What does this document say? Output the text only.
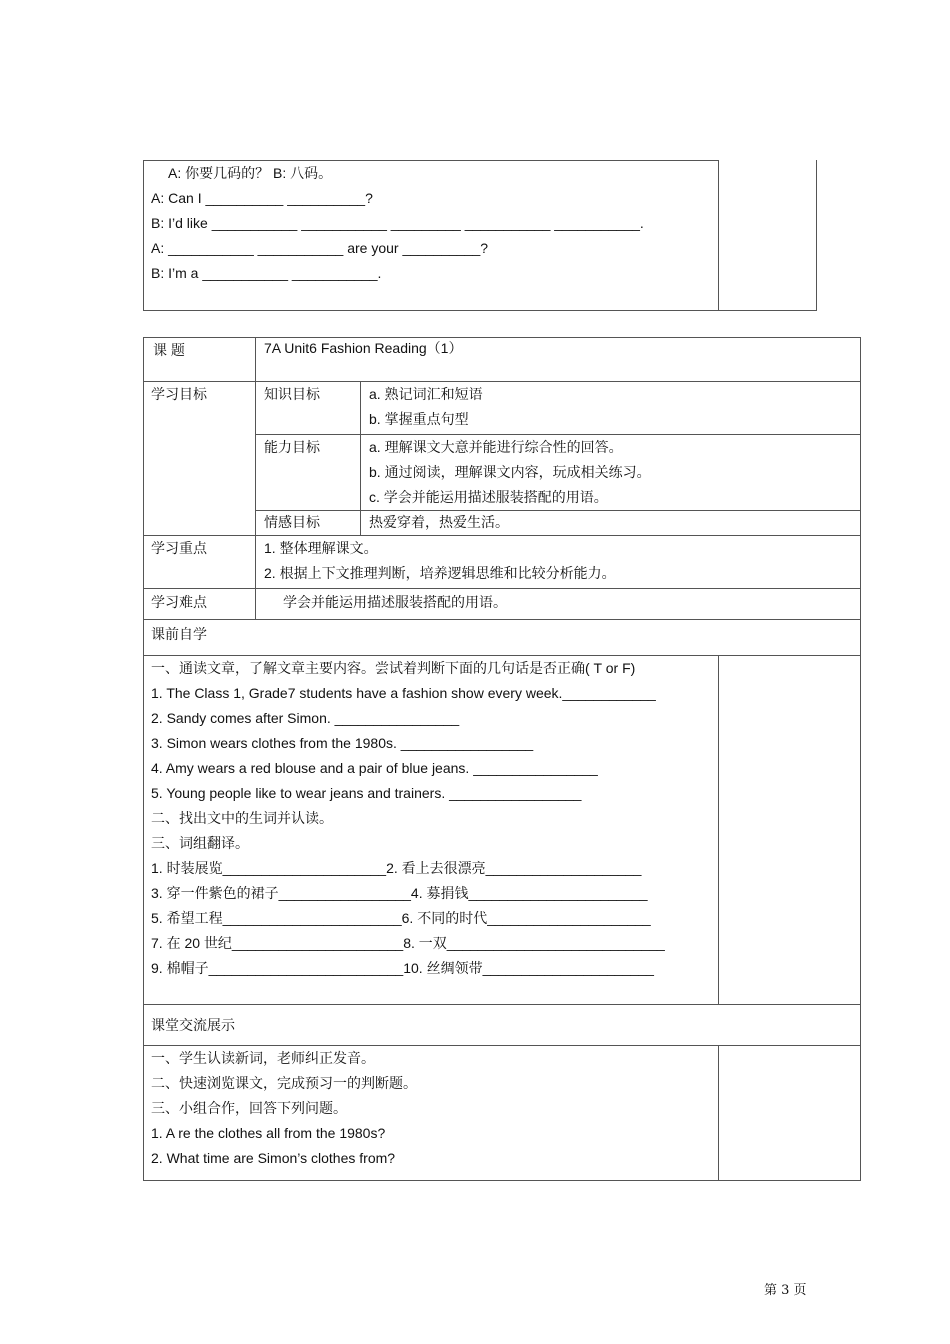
A: 你要几码的？ B: 八码。
A: Can I __________ __________?
B: I’d like ___________ ___________ _________ ___________ ___________.
A: ___________ ___________ are your __________?
B: I’m a ___________ ___________.
课 题	7A Unit6 Fashion Reading（1）
学习目标	知识目标	a. 熟记词汇和短语
b. 掌握重点句型
能力目标	a. 理解课文大意并能进行综合性的回答。
b. 通过阅读，理解课文内容，玩成相关练习。
c. 学会并能运用描述服装搭配的用语。
情感目标	热爱穿着，热爱生活。
学习重点	1. 整体理解课文。
2. 根据上下文推理判断，培养逻辑思维和比较分析能力。
学习难点	学会并能运用描述服装搭配的用语。
课前自学
一、通读文章，了解文章主要内容。尝试着判断下面的几句话是否正确( T or F)
1. The Class 1, Grade7 students have a fashion show every week.____________
2. Sandy comes after Simon. ________________
3. Simon wears clothes from the 1980s. _________________
4. Amy wears a red blouse and a pair of blue jeans. ________________
5. Young people like to wear jeans and trainers. _________________
二、找出文中的生词并认读。
三、词组翻译。
1. 时装展览_____________________2. 看上去很漂亮____________________
3. 穿一件紫色的裙子_________________4. 募捐钱_______________________
5. 希望工程_______________________6. 不同的时代_____________________
7. 在 20 世纪______________________8. 一双____________________________
9. 棉帽子_________________________10. 丝绸领带______________________
课堂交流展示
一、学生认读新词，老师纠正发音。
二、快速浏览课文，完成预习一的判断题。
三、小组合作，回答下列问题。
1. A re the clothes all from the 1980s?
2. What time are Simon’s clothes from?
第 3 页
